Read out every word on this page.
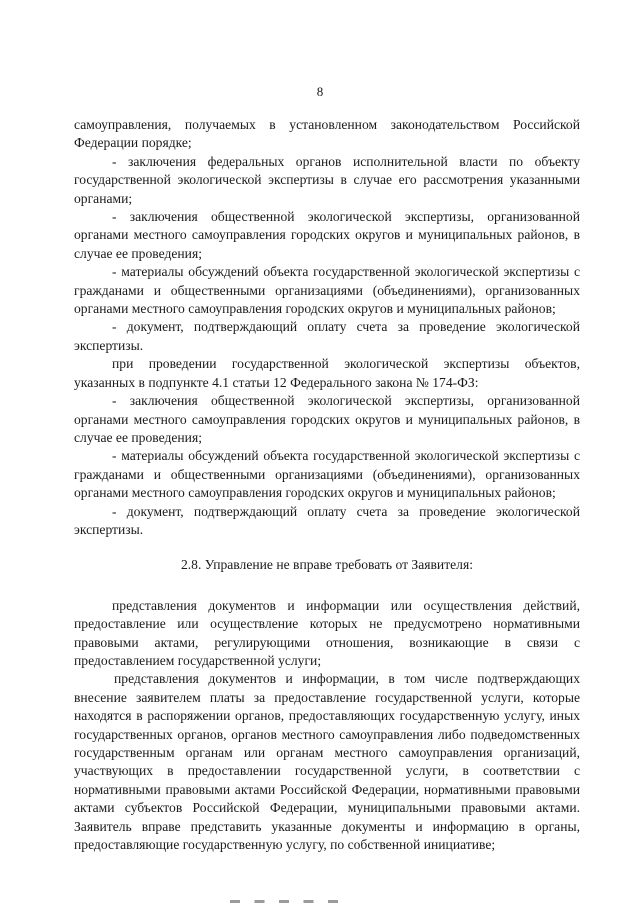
8

самоуправления, получаемых в установленном законодательством Российской Федерации порядке;

- заключения федеральных органов исполнительной власти по объекту государственной экологической экспертизы в случае его рассмотрения указанными органами;

- заключения общественной экологической экспертизы, организованной органами местного самоуправления городских округов и муниципальных районов, в случае ее проведения;

- материалы обсуждений объекта государственной экологической экспертизы с гражданами и общественными организациями (объединениями), организованных органами местного самоуправления городских округов и муниципальных районов;

- документ, подтверждающий оплату счета за проведение экологической экспертизы.

при проведении государственной экологической экспертизы объектов, указанных в подпункте 4.1 статьи 12 Федерального закона № 174-ФЗ:

- заключения общественной экологической экспертизы, организованной органами местного самоуправления городских округов и муниципальных районов, в случае ее проведения;

- материалы обсуждений объекта государственной экологической экспертизы с гражданами и общественными организациями (объединениями), организованных органами местного самоуправления городских округов и муниципальных районов;

- документ, подтверждающий оплату счета за проведение экологической экспертизы.

2.8. Управление не вправе требовать от Заявителя:

представления документов и информации или осуществления действий, предоставление или осуществление которых не предусмотрено нормативными правовыми актами, регулирующими отношения, возникающие в связи с предоставлением государственной услуги;

представления документов и информации, в том числе подтверждающих внесение заявителем платы за предоставление государственной услуги, которые находятся в распоряжении органов, предоставляющих государственную услугу, иных государственных органов, органов местного самоуправления либо подведомственных государственным органам или органам местного самоуправления организаций, участвующих в предоставлении государственной услуги, в соответствии с нормативными правовыми актами Российской Федерации, нормативными правовыми актами субъектов Российской Федерации, муниципальными правовыми актами. Заявитель вправе представить указанные документы и информацию в органы, предоставляющие государственную услугу, по собственной инициативе;

▬ ▬ ▬ ▬ ▬
